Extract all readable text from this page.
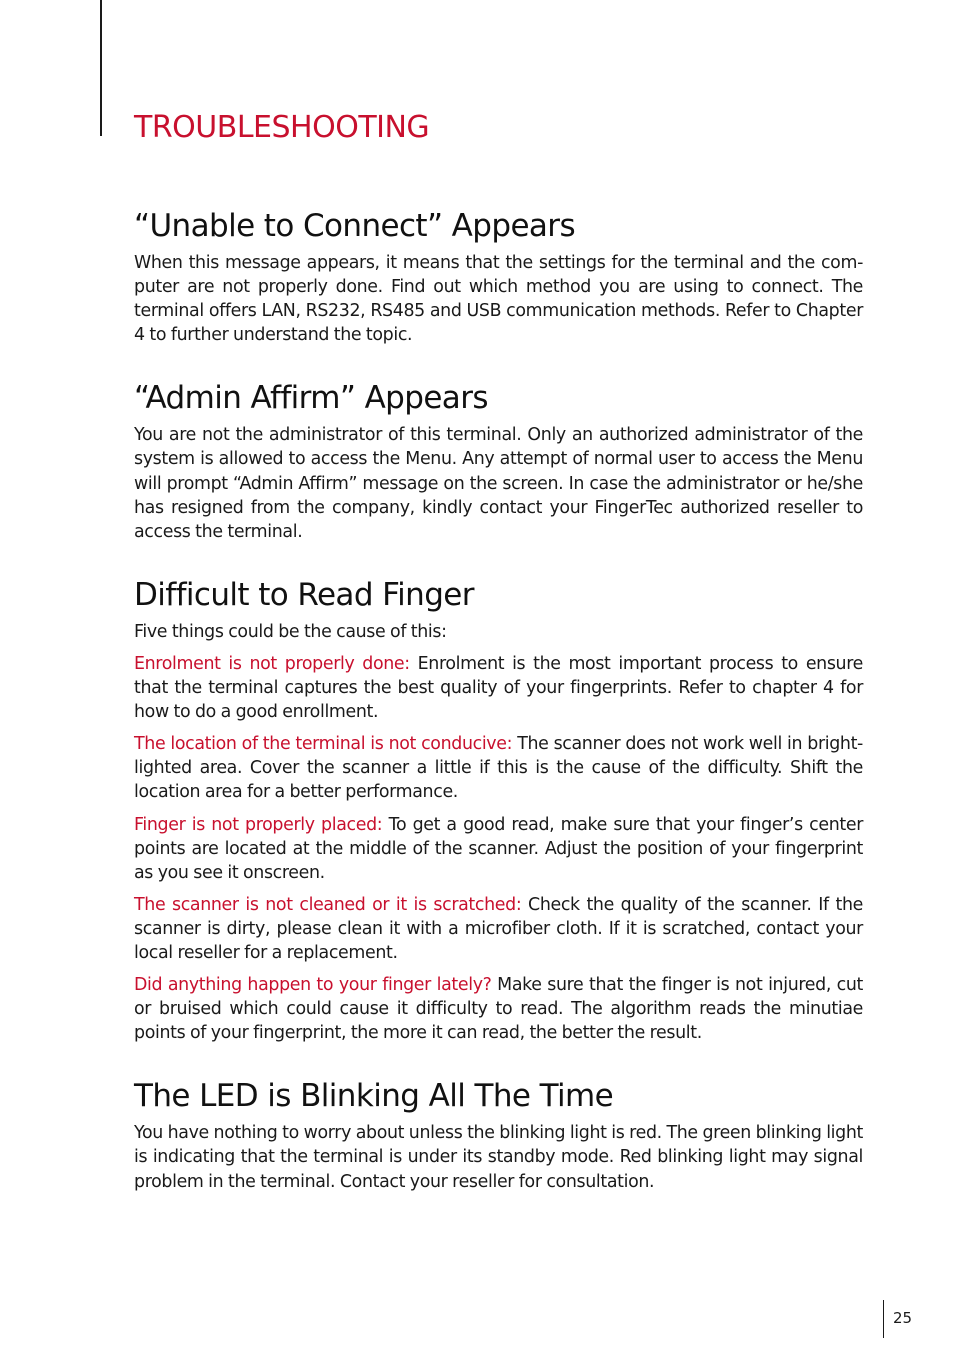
TROUBLESHOOTING
“Unable to Connect” Appears

When this message appears, it means that the settings for the terminal and the com-puter are not properly done. Find out which method you are using to connect. The terminal offers LAN, RS232, RS485 and USB communication methods. Refer to Chapter 4 to further understand the topic.

“Admin Affirm” Appears

You are not the administrator of this terminal. Only an authorized administrator of the system is allowed to access the Menu. Any attempt of normal user to access the Menu will prompt “Admin Affirm” message on the screen. In case the administrator or he/she has resigned from the company, kindly contact your FingerTec authorized reseller to access the terminal.

Difficult to Read Finger

Five things could be the cause of this:

Enrolment is not properly done: Enrolment is the most important process to ensure that the terminal captures the best quality of your fingerprints. Refer to chapter 4 for how to do a good enrollment.

The location of the terminal is not conducive: The scanner does not work well in bright-lighted area. Cover the scanner a little if this is the cause of the difficulty. Shift the location area for a better performance.

Finger is not properly placed: To get a good read, make sure that your finger’s center points are located at the middle of the scanner. Adjust the position of your fingerprint as you see it onscreen.

The scanner is not cleaned or it is scratched: Check the quality of the scanner. If the scanner is dirty, please clean it with a microfiber cloth. If it is scratched, contact your local reseller for a replacement.

Did anything happen to your finger lately? Make sure that the finger is not injured, cut or bruised which could cause it difficulty to read. The algorithm reads the minutiae points of your fingerprint, the more it can read, the better the result.

The LED is Blinking All The Time

You have nothing to worry about unless the blinking light is red. The green blinking light is indicating that the terminal is under its standby mode. Red blinking light may signal problem in the terminal. Contact your reseller for consultation.

25
